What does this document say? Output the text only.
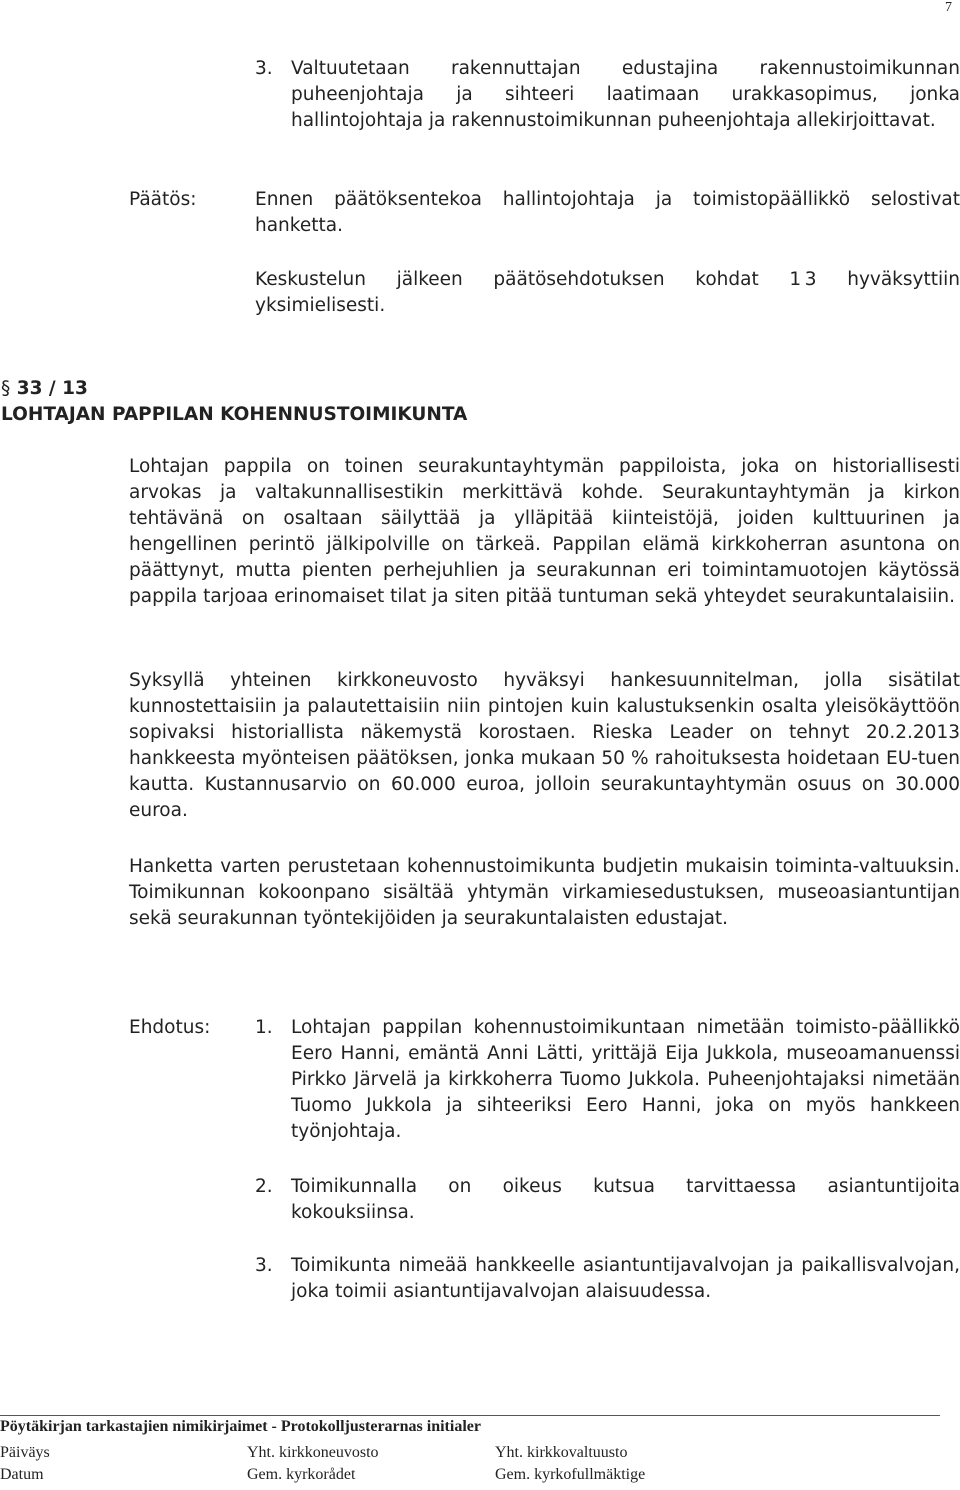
7
3. Valtuutetaan rakennuttajan edustajina rakennustoimikunnan puheenjohtaja ja sihteeri laatimaan urakkasopimus, jonka hallintojohtaja ja rakennustoimikunnan puheenjohtaja allekirjoittavat.
Päätös:	Ennen päätöksentekoa hallintojohtaja ja toimistopäällikkö selostivat hanketta.
Keskustelun jälkeen päätösehdotuksen kohdat 1 3 hyväksyttiin yksimielisesti.
§ 33 / 13
LOHTAJAN PAPPILAN KOHENNUSTOIMIKUNTA
Lohtajan pappila on toinen seurakuntayhtymän pappiloista, joka on historiallisesti arvokas ja valtakunnallisestikin merkittävä kohde. Seurakuntayhtymän ja kirkon tehtävänä on osaltaan säilyttää ja ylläpitää kiinteistöjä, joiden kulttuurinen ja hengellinen perintö jälkipolville on tärkeä. Pappilan elämä kirkkoherran asuntona on päättynyt, mutta pienten perhejuhlien ja seurakunnan eri toimintamuotojen käytössä pappila tarjoaa erinomaiset tilat ja siten pitää tuntuman sekä yhteydet seurakuntalaisiin.
Syksyllä yhteinen kirkkoneuvosto hyväksyi hankesuunnitelman, jolla sisätilat kunnostettaisiin ja palautettaisiin niin pintojen kuin kalustuksenkin osalta yleisökäyttöön sopivaksi historiallista näkemystä korostaen. Rieska Leader on tehnyt 20.2.2013 hankkeesta myönteisen päätöksen, jonka mukaan 50 % rahoituksesta hoidetaan EU-tuen kautta. Kustannusarvio on 60.000 euroa, jolloin seurakuntayhtymän osuus on 30.000 euroa.
Hanketta varten perustetaan kohennustoimikunta budjetin mukaisin toiminta-valtuuksin. Toimikunnan kokoonpano sisältää yhtymän virkamiesedustuksen, museoasiantuntijan sekä seurakunnan työntekijöiden ja seurakuntalaisten edustajat.
Ehdotus: 1. Lohtajan pappilan kohennustoimikuntaan nimetään toimisto-päällikkö Eero Hanni, emäntä Anni Lätti, yrittäjä Eija Jukkola, museoamanuenssi Pirkko Järvelä ja kirkkoherra Tuomo Jukkola. Puheenjohtajaksi nimetään Tuomo Jukkola ja sihteeriksi Eero Hanni, joka on myös hankkeen työnjohtaja.
2. Toimikunnalla on oikeus kutsua tarvittaessa asiantuntijoita kokouksiinsa.
3. Toimikunta nimeää hankkeelle asiantuntijavalvojan ja paikallisvalvojan, joka toimii asiantuntijavalvojan alaisuudessa.
Pöytäkirjan tarkastajien nimikirjaimet - Protokolljusterarnas initialer
Päiväys	Yht. kirkkoneuvosto	Yht. kirkkovaltuusto
Datum	Gem. kyrkorådet	Gem. kyrkofullmäktige
